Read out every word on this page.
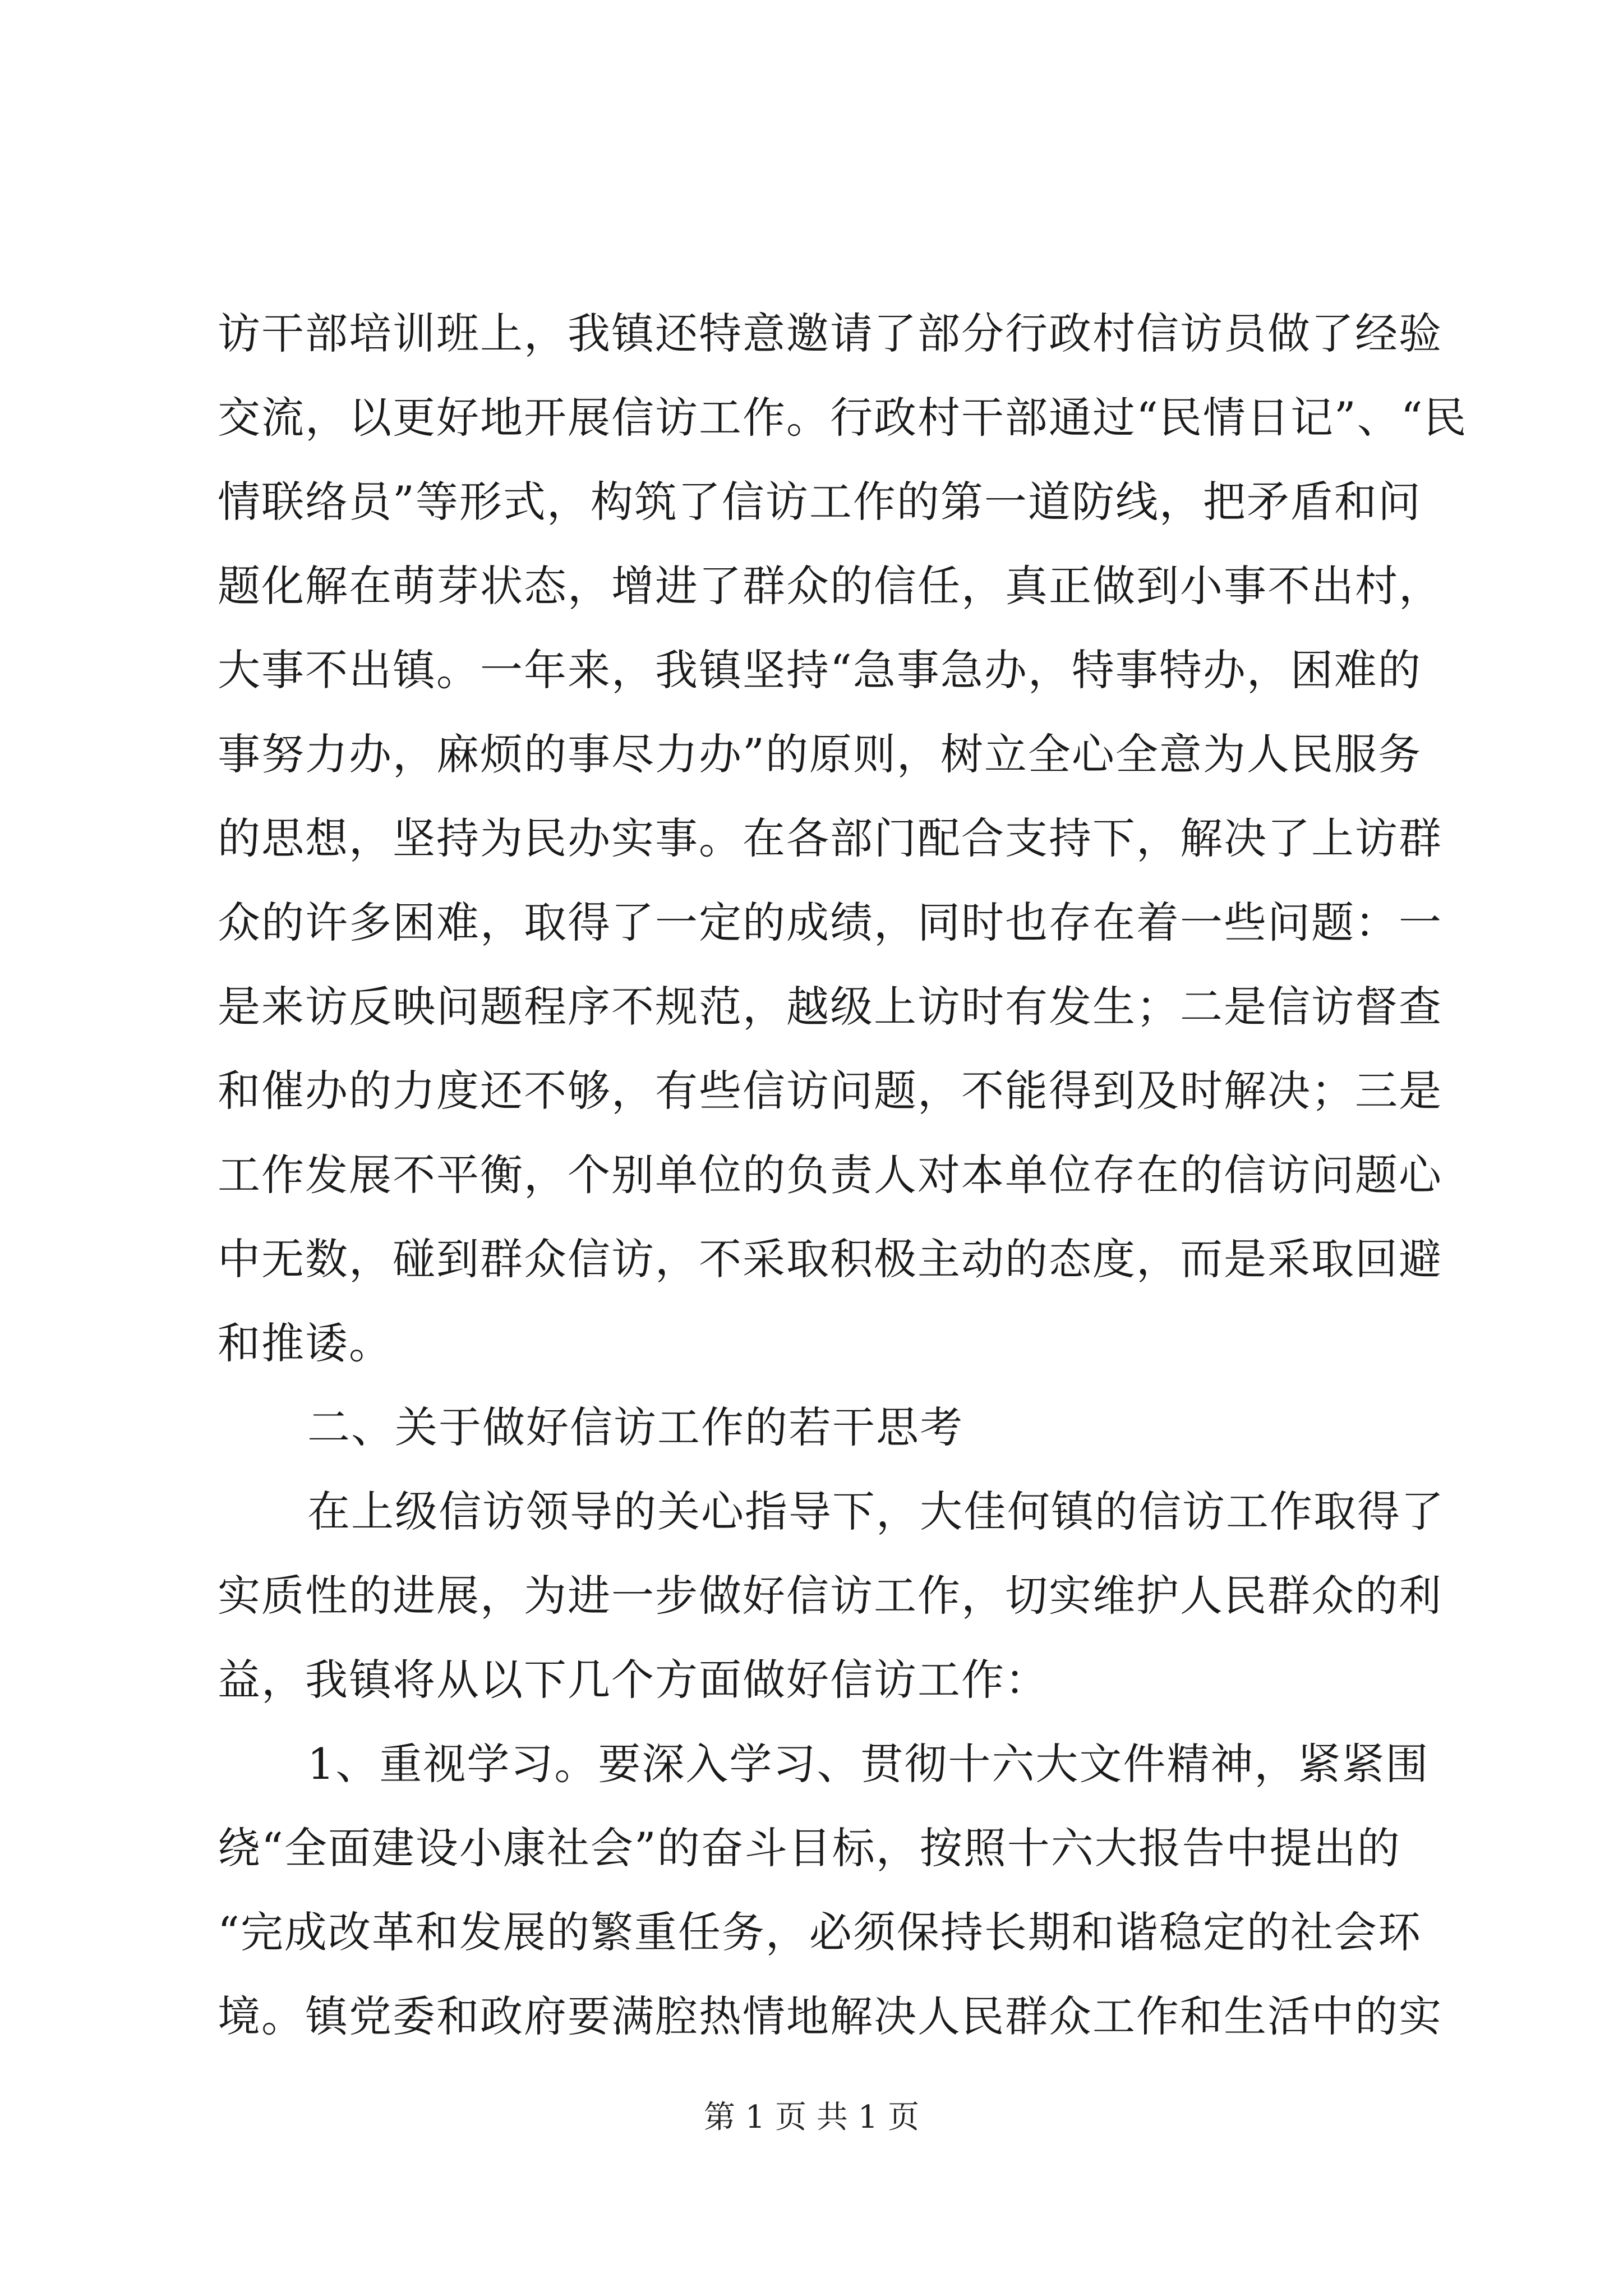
访干部培训班上，我镇还特意邀请了部分行政村信访员做了经验
交流，以更好地开展信访工作。行政村干部通过“民情日记”、“民
情联络员”等形式，构筑了信访工作的第一道防线，把矛盾和问
题化解在萌芽状态，增进了群众的信任，真正做到小事不出村，
大事不出镇。一年来，我镇坚持“急事急办，特事特办，困难的
事努力办，麻烦的事尽力办”的原则，树立全心全意为人民服务
的思想，坚持为民办实事。在各部门配合支持下，解决了上访群
众的许多困难，取得了一定的成绩，同时也存在着一些问题：一
是来访反映问题程序不规范，越级上访时有发生；二是信访督查
和催办的力度还不够，有些信访问题，不能得到及时解决；三是
工作发展不平衡，个别单位的负责人对本单位存在的信访问题心
中无数，碰到群众信访，不采取积极主动的态度，而是采取回避
和推诿。
二、关于做好信访工作的若干思考
在上级信访领导的关心指导下，大佳何镇的信访工作取得了
实质性的进展，为进一步做好信访工作，切实维护人民群众的利
益，我镇将从以下几个方面做好信访工作：
1、重视学习。要深入学习、贯彻十六大文件精神，紧紧围
绕“全面建设小康社会”的奋斗目标，按照十六大报告中提出的
“完成改革和发展的繁重任务，必须保持长期和谐稳定的社会环
境。镇党委和政府要满腔热情地解决人民群众工作和生活中的实
第 1 页 共 1 页
